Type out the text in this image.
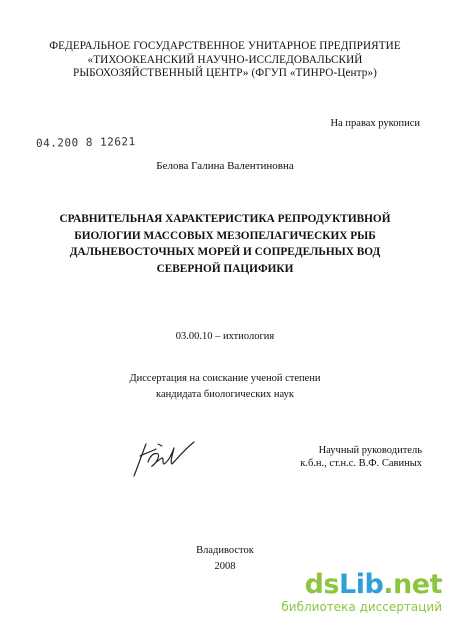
ФЕДЕРАЛЬНОЕ ГОСУДАРСТВЕННОЕ УНИТАРНОЕ ПРЕДПРИЯТИЕ
«ТИХООКЕАНСКИЙ НАУЧНО-ИССЛЕДОВАЛЬСКИЙ
РЫБОХОЗЯЙСТВЕННЫЙ ЦЕНТР» (ФГУП «ТИНРО-Центр»)
На правах рукописи
04.200 8 12621
Белова Галина Валентиновна
СРАВНИТЕЛЬНАЯ ХАРАКТЕРИСТИКА РЕПРОДУКТИВНОЙ
БИОЛОГИИ МАССОВЫХ МЕЗОПЕЛАГИЧЕСКИХ РЫБ
ДАЛЬНЕВОСТОЧНЫХ МОРЕЙ И СОПРЕДЕЛЬНЫХ ВОД
СЕВЕРНОЙ ПАЦИФИКИ
03.00.10 – ихтиология
Диссертация на соискание ученой степени
кандидата биологических наук
Научный руководитель
к.б.н., ст.н.с. В.Ф. Савиных
Владивосток
2008
dsLib.net
библиотека диссертаций
